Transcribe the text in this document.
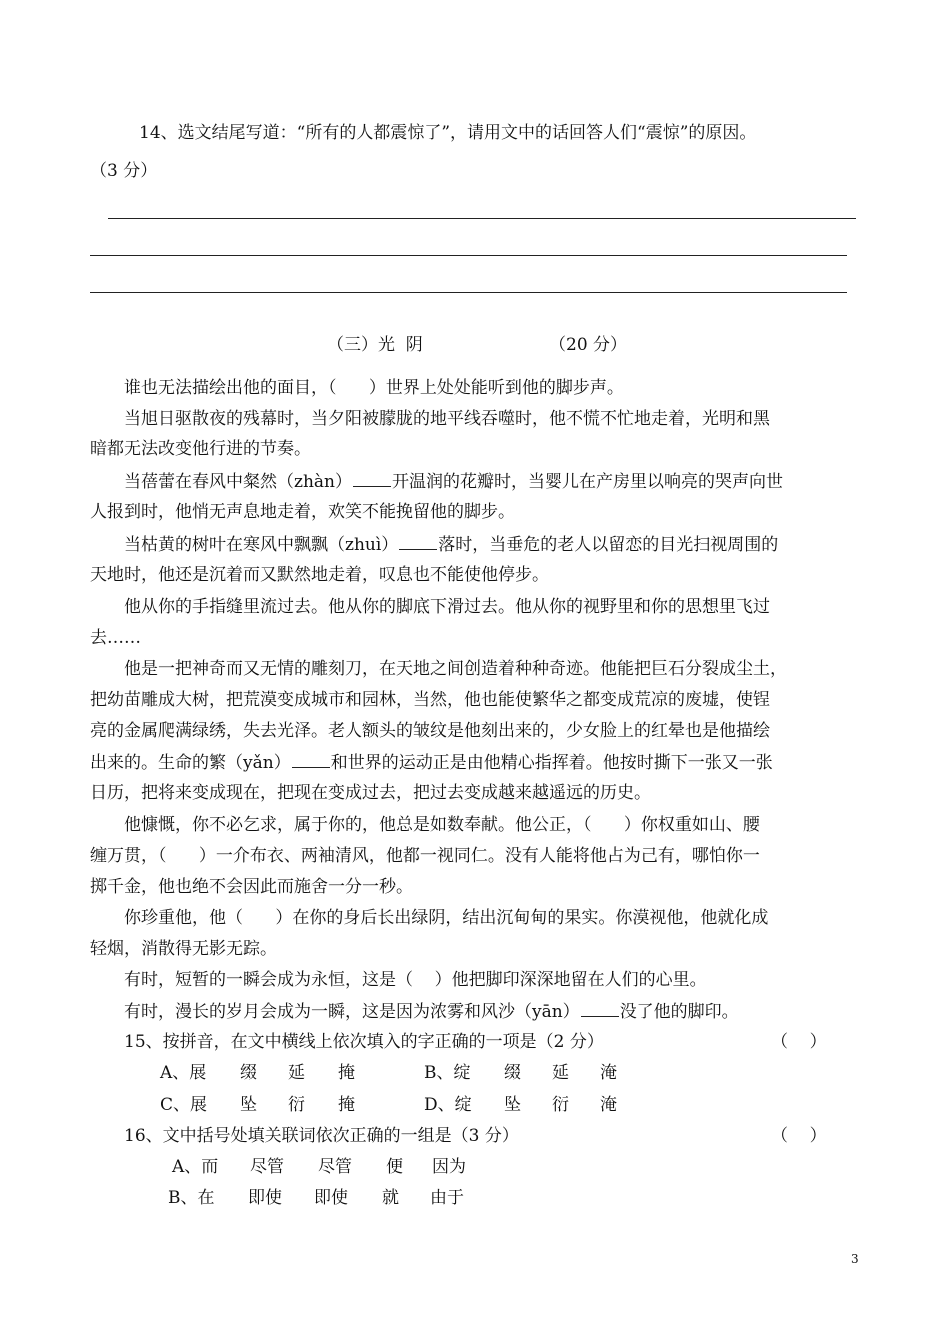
14、选文结尾写道：“所有的人都震惊了”，请用文中的话回答人们“震惊”的原因。
（3 分）
（三）光  阴	（20 分）
谁也无法描绘出他的面目，（      ）世界上处处能听到他的脚步声。
当旭日驱散夜的残幕时，当夕阳被朦胧的地平线吞噬时，他不慌不忙地走着，光明和黑
暗都无法改变他行进的节奏。
当蓓蕾在春风中粲然（zhàn） 开温润的花瓣时，当婴儿在产房里以响亮的哭声向世
人报到时，他悄无声息地走着，欢笑不能挽留他的脚步。
当枯黄的树叶在寒风中飘飘（zhuì） 落时，当垂危的老人以留恋的目光扫视周围的
天地时，他还是沉着而又默然地走着，叹息也不能使他停步。
他从你的手指缝里流过去。他从你的脚底下滑过去。他从你的视野里和你的思想里飞过
去……
他是一把神奇而又无情的雕刻刀，在天地之间创造着种种奇迹。他能把巨石分裂成尘土，
把幼苗雕成大树，把荒漠变成城市和园林，当然，他也能使繁华之都变成荒凉的废墟，使锃
亮的金属爬满绿绣，失去光泽。老人额头的皱纹是他刻出来的，少女脸上的红晕也是他描绘
出来的。生命的繁（yǎn） 和世界的运动正是由他精心指挥着。他按时撕下一张又一张
日历，把将来变成现在，把现在变成过去，把过去变成越来越遥远的历史。
他慷慨，你不必乞求，属于你的，他总是如数奉献。他公正，（      ）你权重如山、腰
缠万贯，（      ）一介布衣、两袖清风，他都一视同仁。没有人能将他占为己有，哪怕你一
掷千金，他也绝不会因此而施舍一分一秒。
你珍重他，他（      ）在你的身后长出绿阴，结出沉甸甸的果实。你漠视他，他就化成
轻烟，消散得无影无踪。
有时，短暂的一瞬会成为永恒，这是（    ）他把脚印深深地留在人们的心里。
有时，漫长的岁月会成为一瞬，这是因为浓雾和风沙（yān） 没了他的脚印。
15、按拼音，在文中横线上依次填入的字正确的一项是（2 分）	（    ）
A、展 缀 延 掩	B、绽 缀 延 淹
C、展 坠 衍 掩	D、绽 坠 衍 淹
16、文中括号处填关联词依次正确的一组是（3 分）	（    ）
A、而 尽管 尽管 便 因为
B、在 即使 即使 就 由于
3
